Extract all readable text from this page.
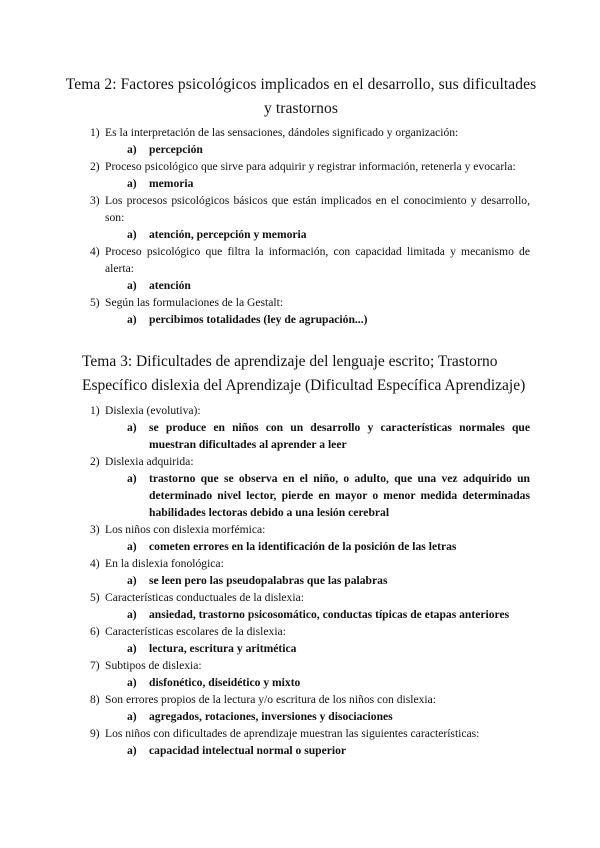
Tema 2: Factores psicológicos implicados en el desarrollo, sus dificultades y trastornos
1) Es la interpretación de las sensaciones, dándoles significado y organización:
a) percepción
2) Proceso psicológico que sirve para adquirir y registrar información, retenerla y evocarla:
a) memoria
3) Los procesos psicológicos básicos que están implicados en el conocimiento y desarrollo, son:
a) atención, percepción y memoria
4) Proceso psicológico que filtra la información, con capacidad limitada y mecanismo de alerta:
a) atención
5) Según las formulaciones de la Gestalt:
a) percibimos totalidades (ley de agrupación...)
Tema 3: Dificultades de aprendizaje del lenguaje escrito; Trastorno Específico dislexia del Aprendizaje (Dificultad Específica Aprendizaje)
1) Dislexia (evolutiva):
a) se produce en niños con un desarrollo y características normales que muestran dificultades al aprender a leer
2) Dislexia adquirida:
a) trastorno que se observa en el niño, o adulto, que una vez adquirido un determinado nivel lector, pierde en mayor o menor medida determinadas habilidades lectoras debido a una lesión cerebral
3) Los niños con dislexia morfémica:
a) cometen errores en la identificación de la posición de las letras
4) En la dislexia fonológica:
a) se leen pero las pseudopalabras que las palabras
5) Características conductuales de la dislexia:
a) ansiedad, trastorno psicosomático, conductas típicas de etapas anteriores
6) Características escolares de la dislexia:
a) lectura, escritura y aritmética
7) Subtipos de dislexia:
a) disfonético, diseidético y mixto
8) Son errores propios de la lectura y/o escritura de los niños con dislexia:
a) agregados, rotaciones, inversiones y disociaciones
9) Los niños con dificultades de aprendizaje muestran las siguientes características:
a) capacidad intelectual normal o superior
